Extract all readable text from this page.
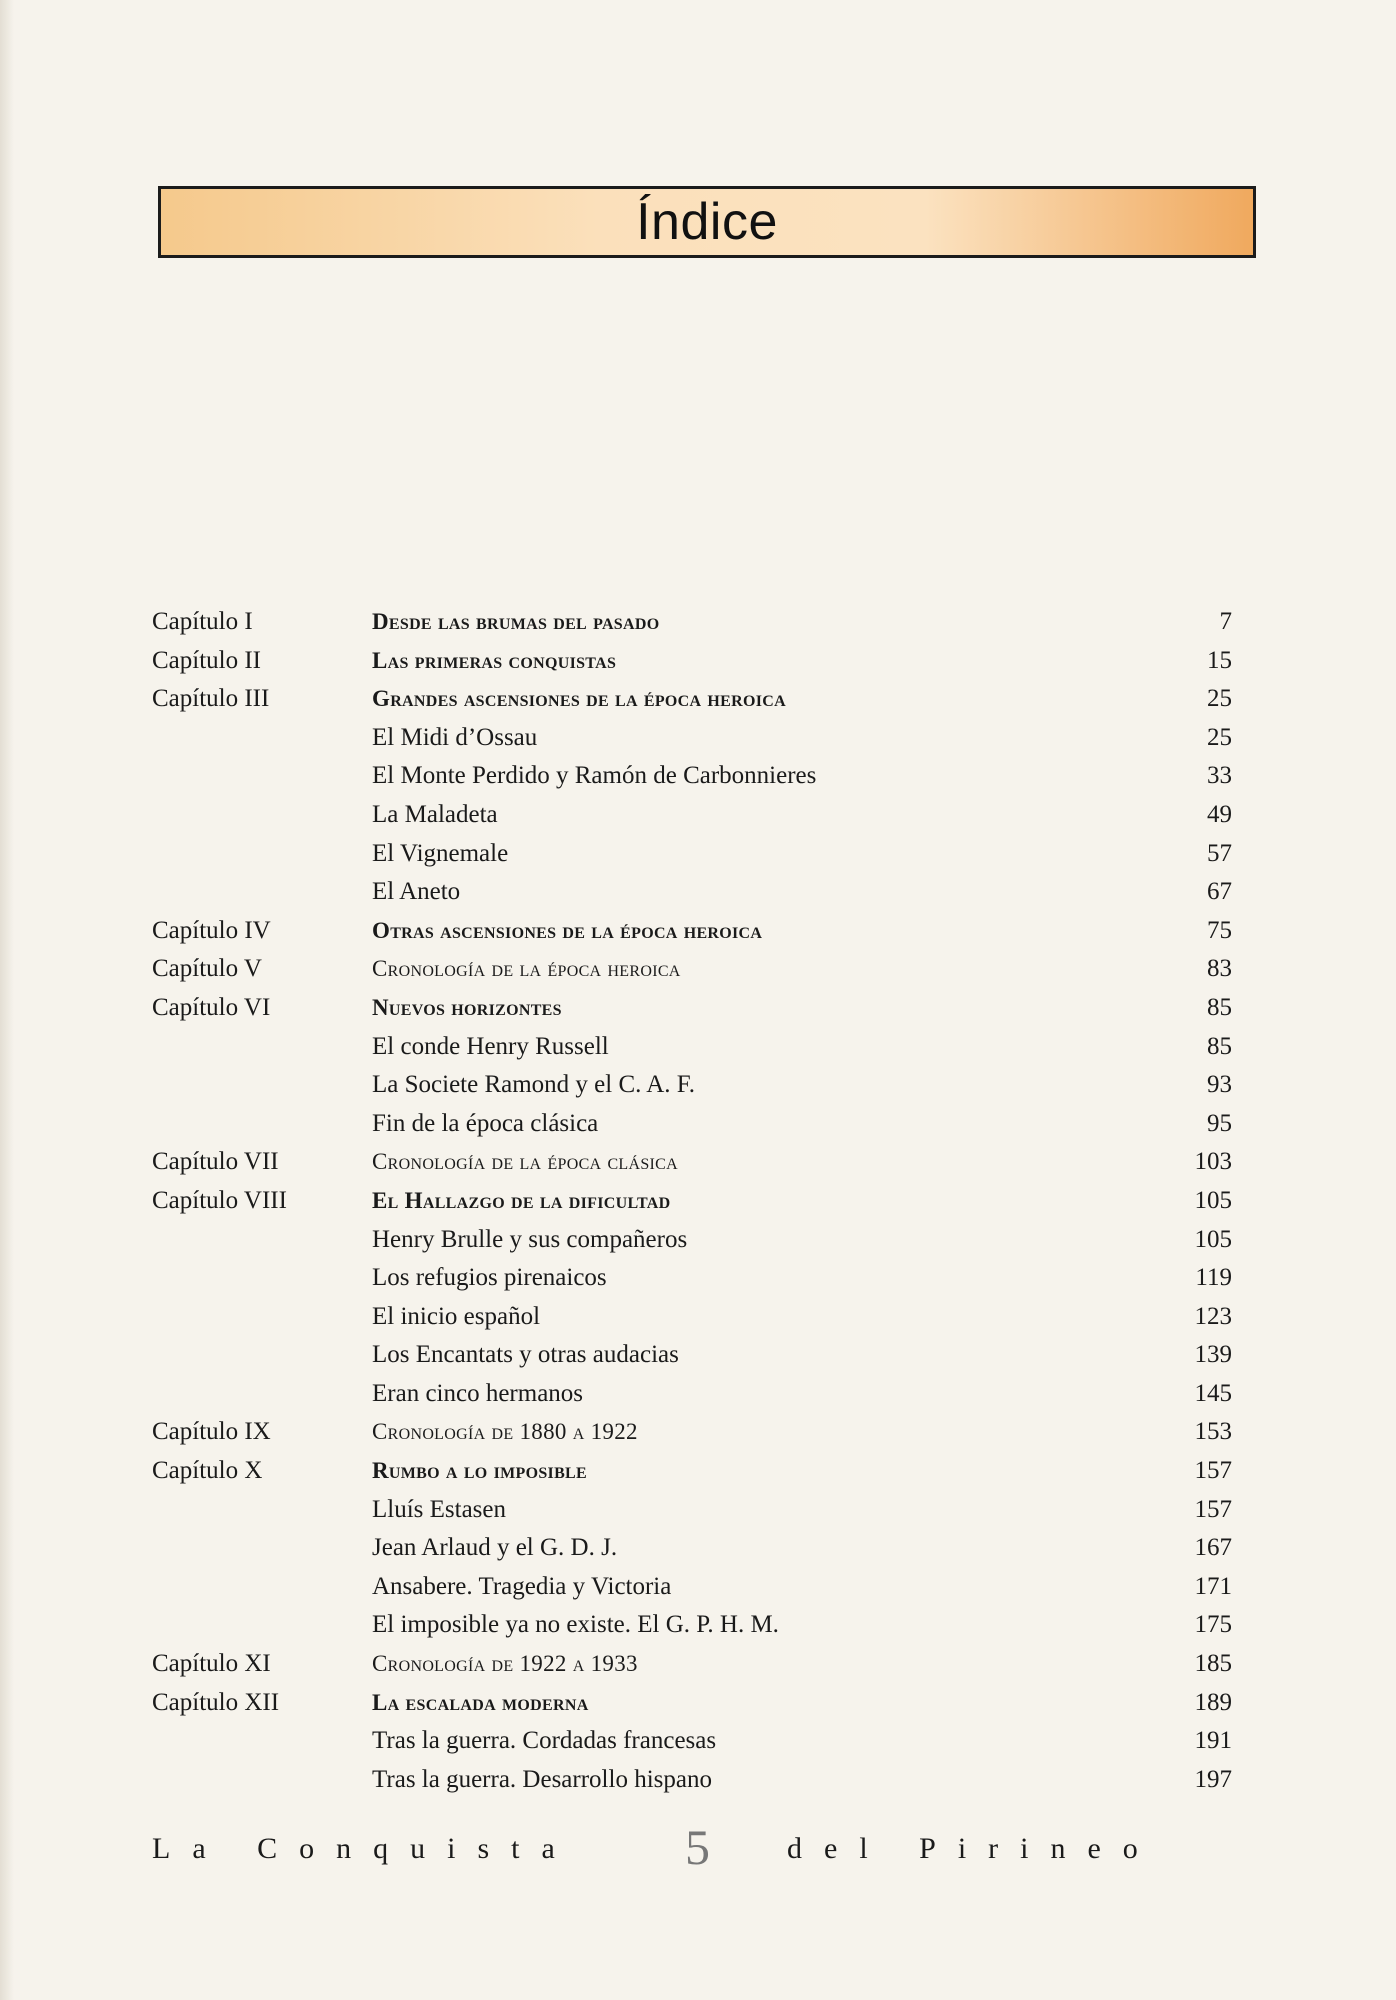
Índice
Capítulo I	Desde las brumas del pasado	7
Capítulo II	Las primeras conquistas	15
Capítulo III	Grandes ascensiones de la época heroica	25
El Midi d’Ossau	25
El Monte Perdido y Ramón de Carbonnieres	33
La Maladeta	49
El Vignemale	57
El Aneto	67
Capítulo IV	Otras ascensiones de la época heroica	75
Capítulo V	Cronología de la época heroica	83
Capítulo VI	Nuevos horizontes	85
El conde Henry Russell	85
La Societe Ramond y el C. A. F.	93
Fin de la época clásica	95
Capítulo VII	Cronología de la época clásica	103
Capítulo VIII	El Hallazgo de la dificultad	105
Henry Brulle y sus compañeros	105
Los refugios pirenaicos	119
El inicio español	123
Los Encantats y otras audacias	139
Eran cinco hermanos	145
Capítulo IX	Cronología de 1880 a 1922	153
Capítulo X	Rumbo a lo imposible	157
Lluís Estasen	157
Jean Arlaud y el G. D. J.	167
Ansabere. Tragedia y Victoria	171
El imposible ya no existe. El G. P. H. M.	175
Capítulo XI	Cronología de 1922 a 1933	185
Capítulo XII	La escalada moderna	189
Tras la guerra. Cordadas francesas	191
Tras la guerra. Desarrollo hispano	197
La Conquista 5	del Pirineo
